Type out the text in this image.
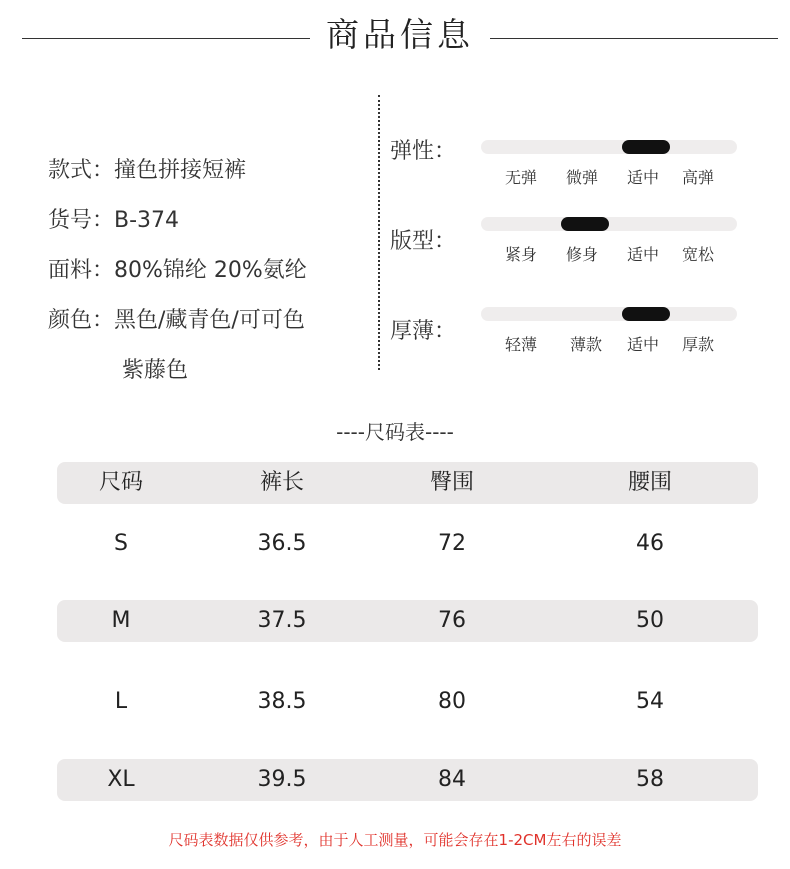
商品信息
款式：撞色拼接短裤
货号：B-374
面料：80%锦纶 20%氨纶
颜色：黑色/藏青色/可可色
紫藤色
弹性：
无弹 微弹 适中 高弹
版型：
紧身 修身 适中 宽松
厚薄：
轻薄 薄款 适中 厚款
----尺码表----
尺码	裤长	臀围	腰围
S	36.5	72	46
M	37.5	76	50
L	38.5	80	54
XL	39.5	84	58
尺码表数据仅供参考，由于人工测量，可能会存在1-2CM左右的误差
